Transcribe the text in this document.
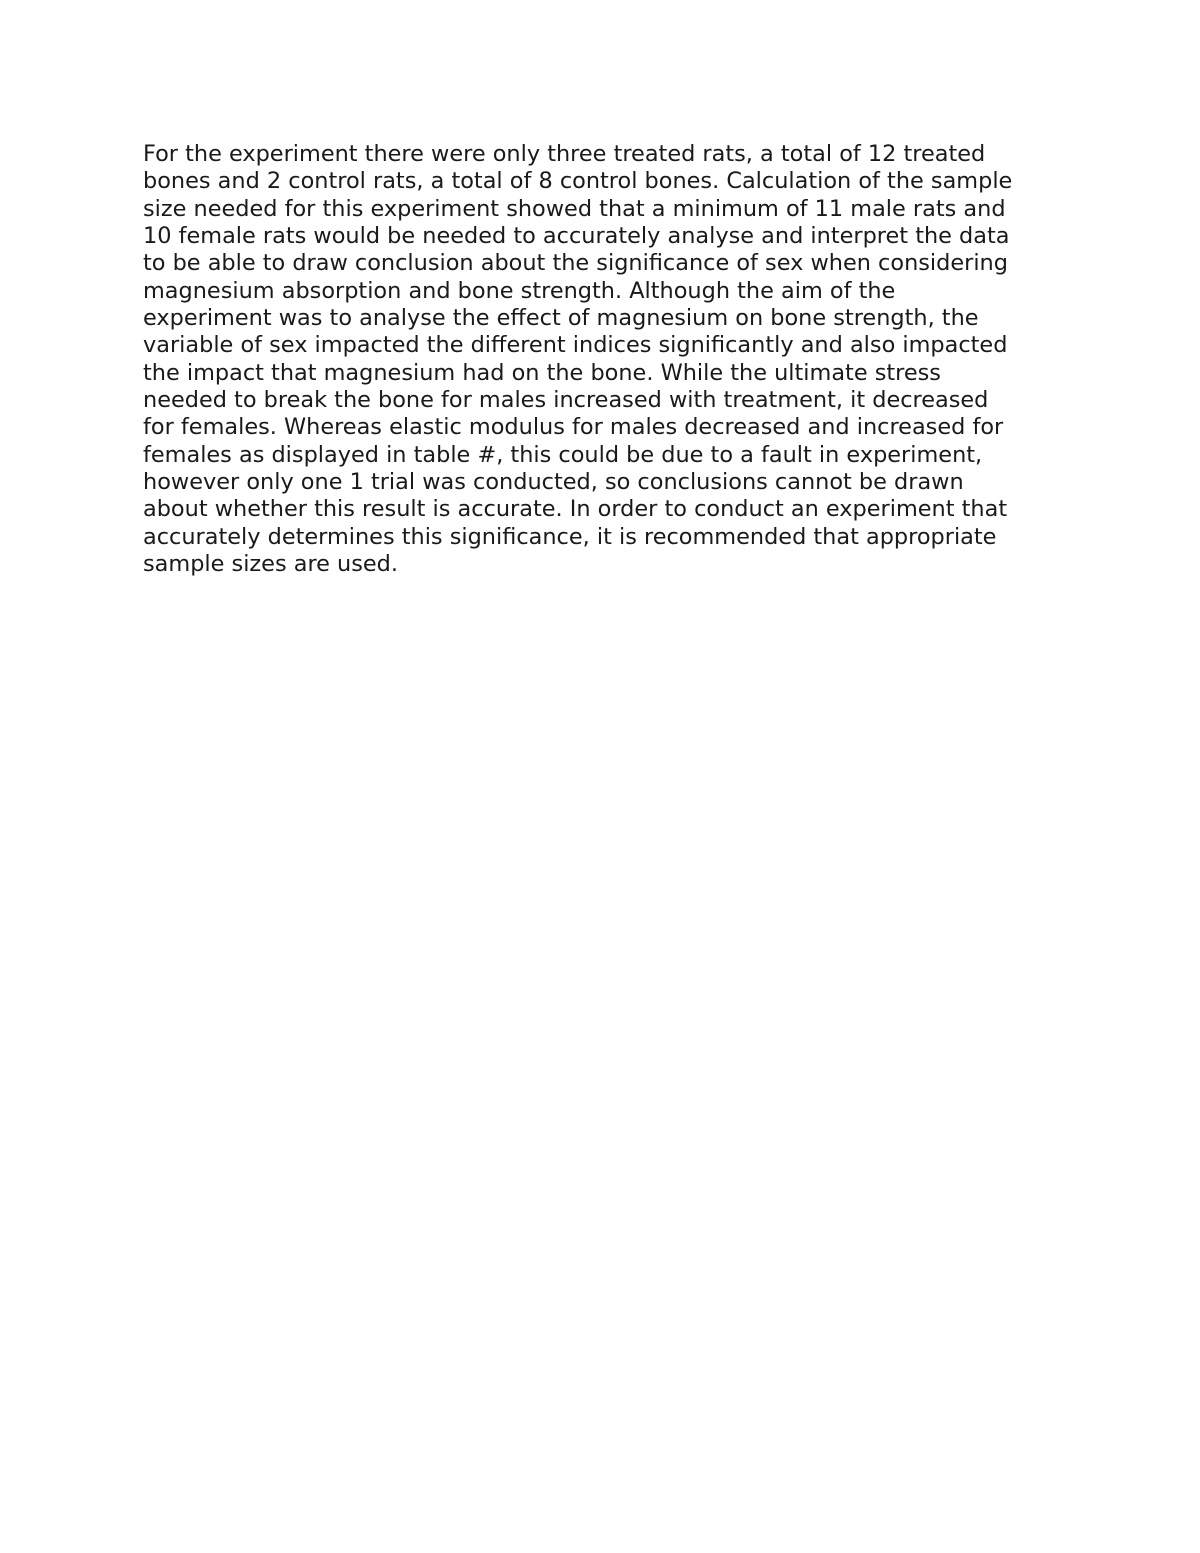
For the experiment there were only three treated rats, a total of 12 treated
bones and 2 control rats, a total of 8 control bones. Calculation of the sample
size needed for this experiment showed that a minimum of 11 male rats and
10 female rats would be needed to accurately analyse and interpret the data
to be able to draw conclusion about the significance of sex when considering
magnesium absorption and bone strength. Although the aim of the
experiment was to analyse the effect of magnesium on bone strength, the
variable of sex impacted the different indices significantly and also impacted
the impact that magnesium had on the bone. While the ultimate stress
needed to break the bone for males increased with treatment, it decreased
for females. Whereas elastic modulus for males decreased and increased for
females as displayed in table #, this could be due to a fault in experiment,
however only one 1 trial was conducted, so conclusions cannot be drawn
about whether this result is accurate. In order to conduct an experiment that
accurately determines this significance, it is recommended that appropriate
sample sizes are used.
